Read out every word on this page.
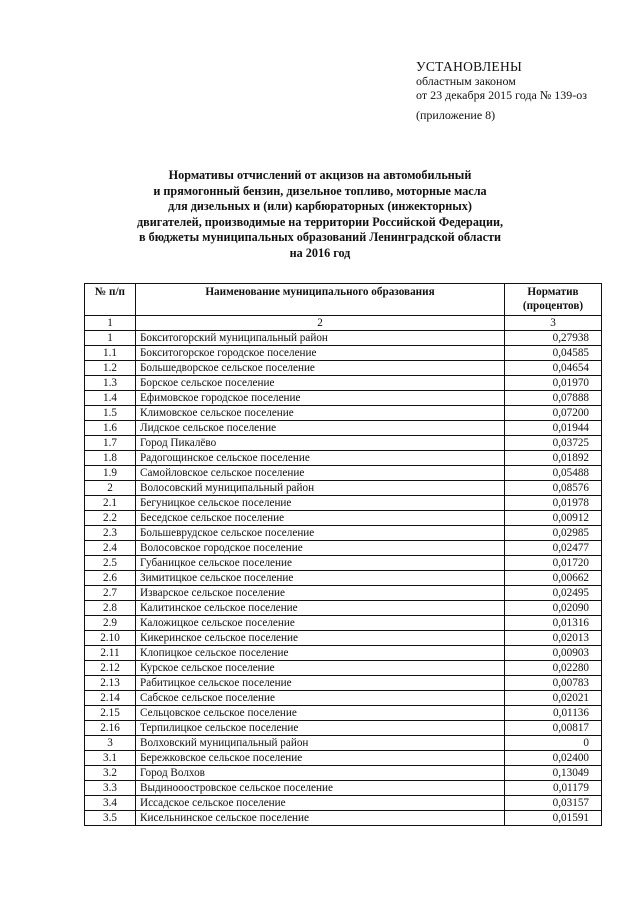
УСТАНОВЛЕНЫ
областным законом
от 23 декабря 2015 года № 139-оз
(приложение 8)
Нормативы отчислений от акцизов на автомобильный
и прямогонный бензин, дизельное топливо, моторные масла
для дизельных и (или) карбюраторных (инжекторных)
двигателей, производимые на территории Российской Федерации,
в бюджеты муниципальных образований Ленинградской области
на 2016 год
№ п/п	Наименование муниципального образования	Норматив
(процентов)

1	2	3
1	Бокситогорский муниципальный район	0,27938
1.1	Бокситогорское городское поселение	0,04585
1.2	Большедворское сельское поселение	0,04654
1.3	Борское сельское поселение	0,01970
1.4	Ефимовское городское поселение	0,07888
1.5	Климовское сельское поселение	0,07200
1.6	Лидское сельское поселение	0,01944
1.7	Город Пикалёво	0,03725
1.8	Радогощинское сельское поселение	0,01892
1.9	Самойловское сельское поселение	0,05488
2	Волосовский муниципальный район	0,08576
2.1	Бегуницкое сельское поселение	0,01978
2.2	Беседское сельское поселение	0,00912
2.3	Большеврудское сельское поселение	0,02985
2.4	Волосовское городское поселение	0,02477
2.5	Губаницкое сельское поселение	0,01720
2.6	Зимитицкое сельское поселение	0,00662
2.7	Изварское сельское поселение	0,02495
2.8	Калитинское сельское поселение	0,02090
2.9	Каложицкое сельское поселение	0,01316
2.10	Кикеринское сельское поселение	0,02013
2.11	Клопицкое сельское поселение	0,00903
2.12	Курское сельское поселение	0,02280
2.13	Рабитицкое сельское поселение	0,00783
2.14	Сабское сельское поселение	0,02021
2.15	Сельцовское сельское поселение	0,01136
2.16	Терпилицкое сельское поселение	0,00817
3	Волховский муниципальный район	0
3.1	Бережковское сельское поселение	0,02400
3.2	Город Волхов	0,13049
3.3	Выдинооостровское сельское поселение	0,01179
3.4	Иссадское сельское поселение	0,03157
3.5	Кисельнинское сельское поселение	0,01591
